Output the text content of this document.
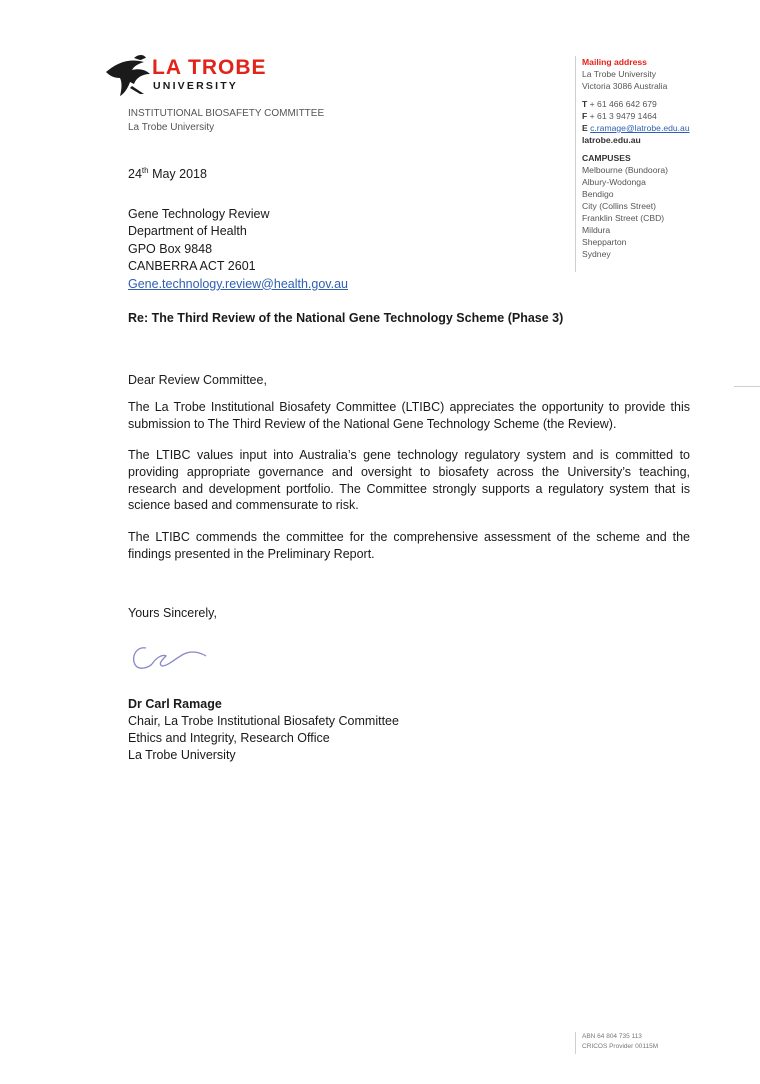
LA TROBE
UNIVERSITY
INSTITUTIONAL BIOSAFETY COMMITTEE
La Trobe University
Mailing address
La Trobe University
Victoria 3086 Australia
T + 61 466 642 679
F + 61 3 9479 1464
E c.ramage@latrobe.edu.au
latrobe.edu.au
CAMPUSES
Melbourne (Bundoora)
Albury-Wodonga
Bendigo
City (Collins Street)
Franklin Street (CBD)
Mildura
Shepparton
Sydney
24th May 2018
Gene Technology Review
Department of Health
GPO Box 9848
CANBERRA ACT 2601
Gene.technology.review@health.gov.au
Re: The Third Review of the National Gene Technology Scheme (Phase 3)
Dear Review Committee,
The La Trobe Institutional Biosafety Committee (LTIBC) appreciates the opportunity to provide this submission to The Third Review of the National Gene Technology Scheme (the Review).
The LTIBC values input into Australia’s gene technology regulatory system and is committed to providing appropriate governance and oversight to biosafety across the University’s teaching, research and development portfolio. The Committee strongly supports a regulatory system that is science based and commensurate to risk.
The LTIBC commends the committee for the comprehensive assessment of the scheme and the findings presented in the Preliminary Report.
Yours Sincerely,
Dr Carl Ramage
Chair, La Trobe Institutional Biosafety Committee
Ethics and Integrity, Research Office
La Trobe University
ABN 64 804 735 113
CRICOS Provider 00115M
